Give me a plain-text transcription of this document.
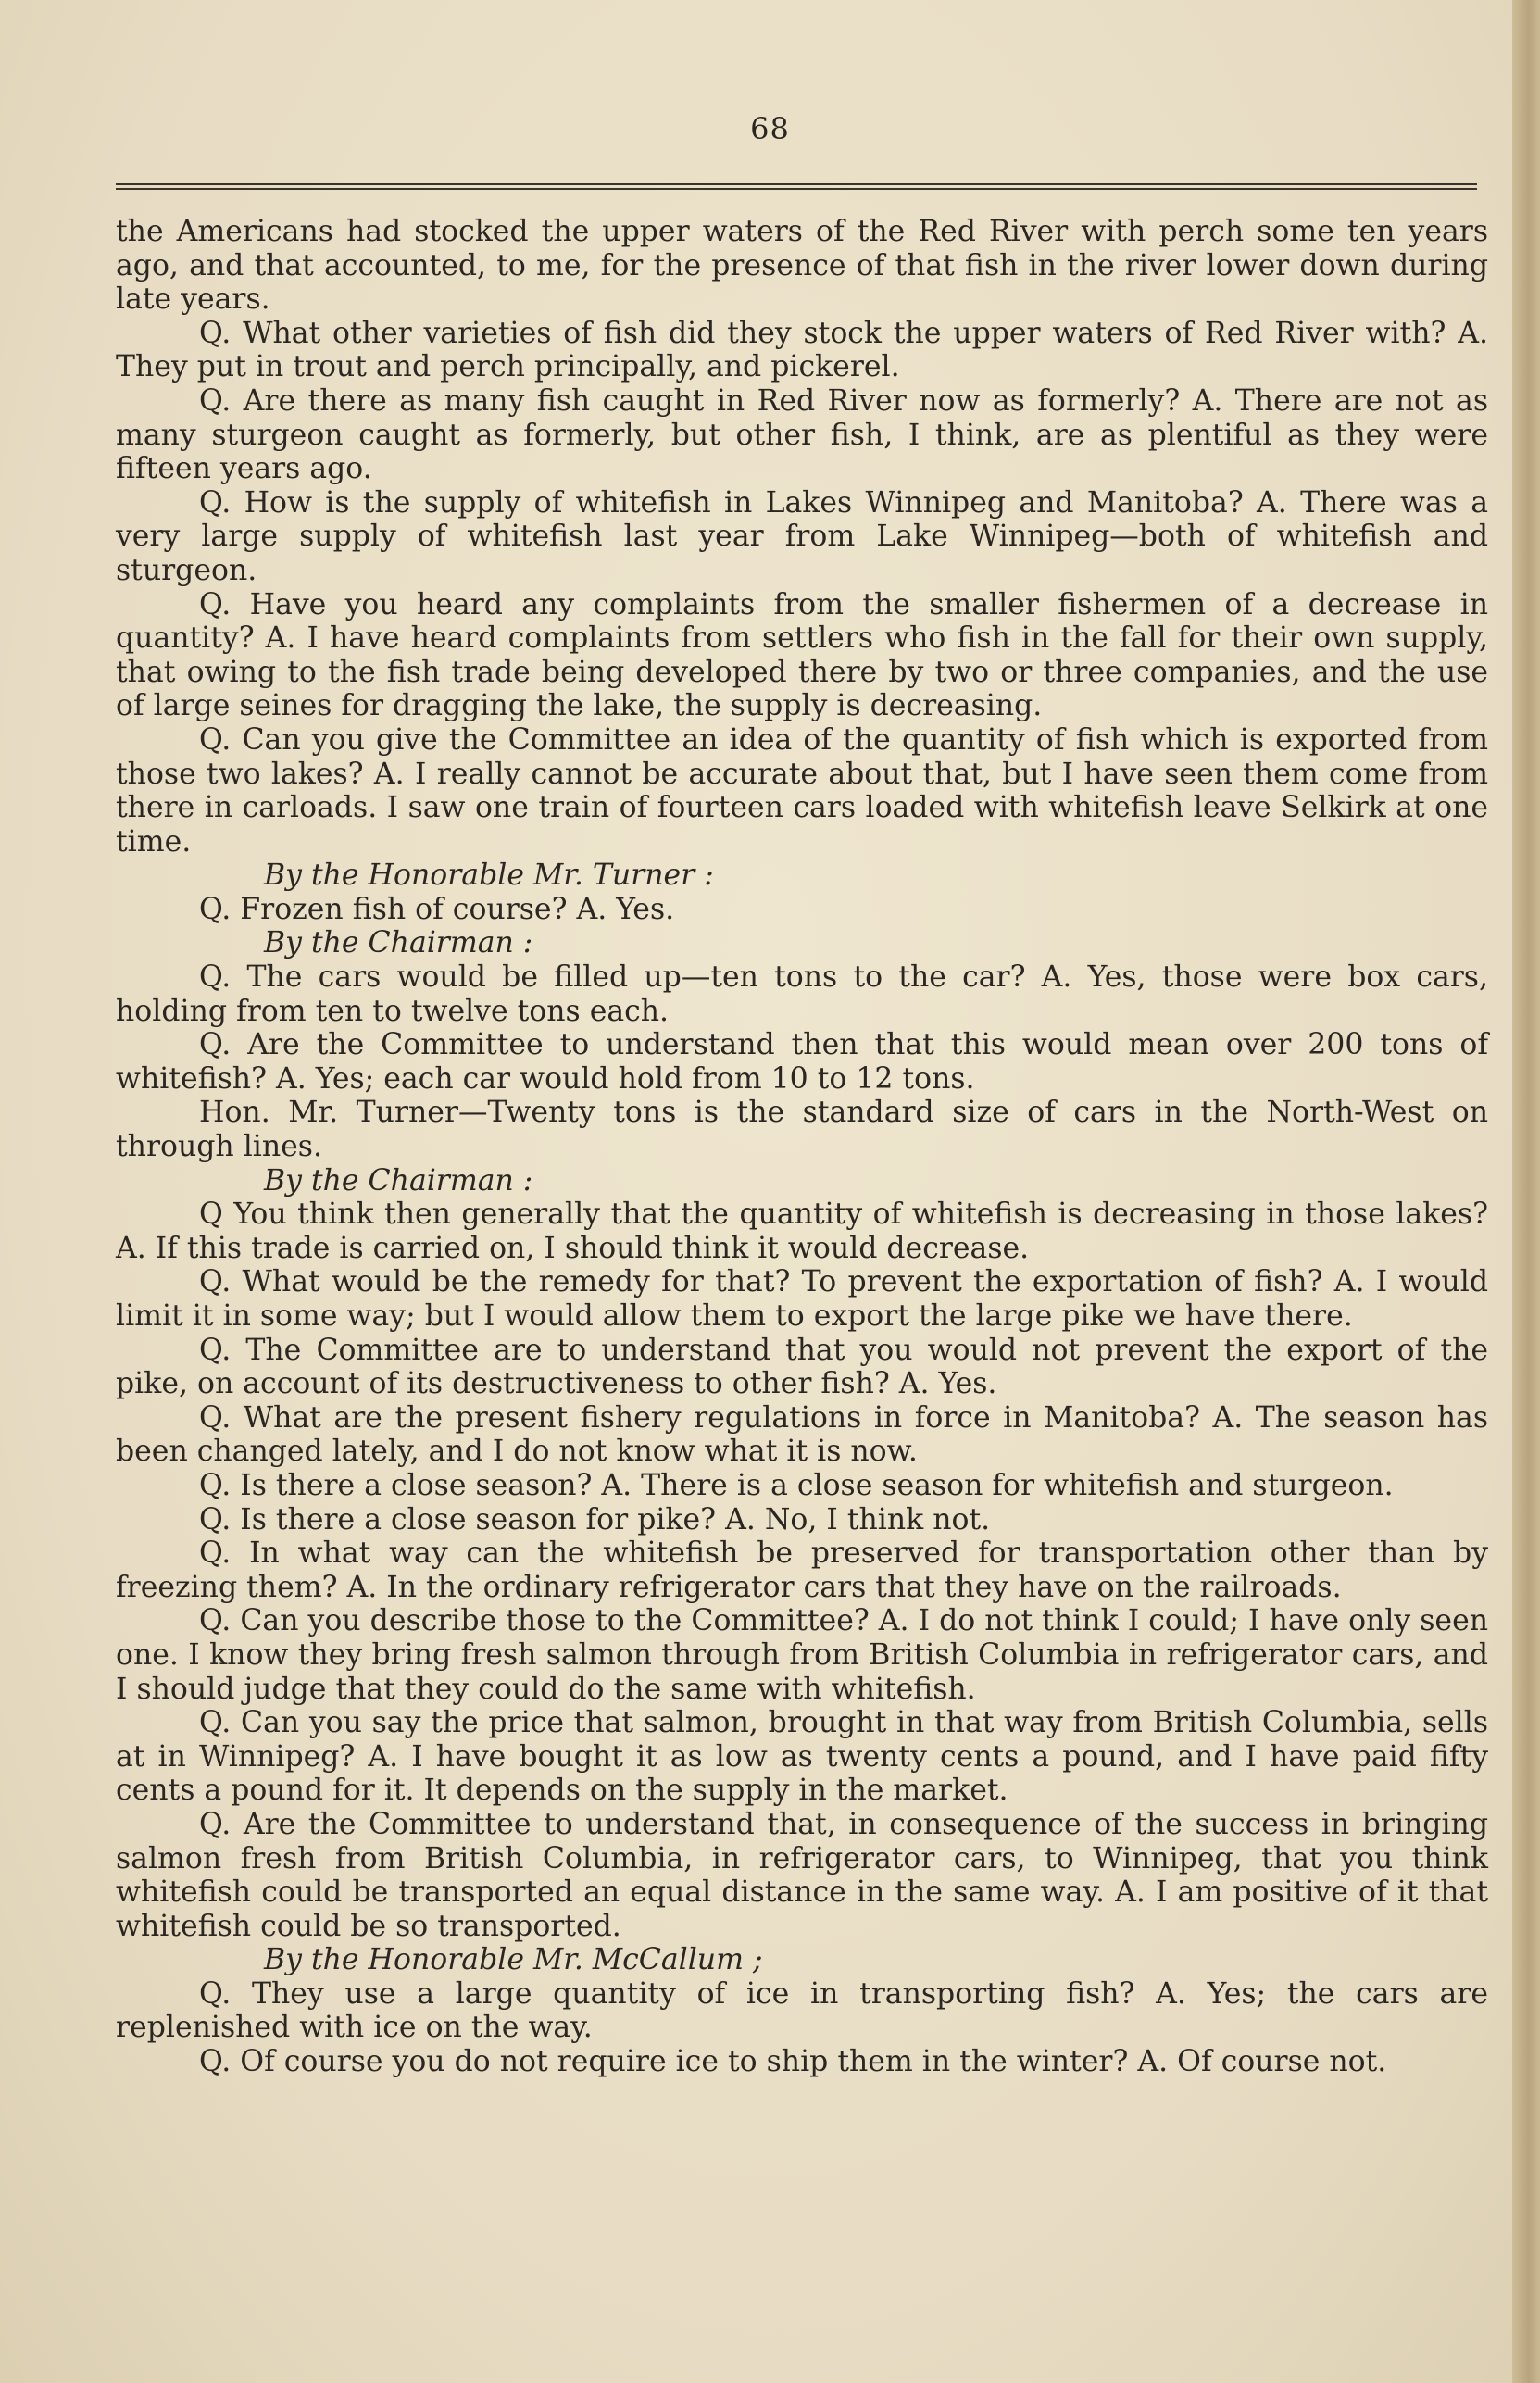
68

the Americans had stocked the upper waters of the Red River with perch some ten years ago, and that accounted, to me, for the presence of that fish in the river lower down during late years.

Q. What other varieties of fish did they stock the upper waters of Red River with? A. They put in trout and perch principally, and pickerel.

Q. Are there as many fish caught in Red River now as formerly? A. There are not as many sturgeon caught as formerly, but other fish, I think, are as plentiful as they were fifteen years ago.

Q. How is the supply of whitefish in Lakes Winnipeg and Manitoba? A. There was a very large supply of whitefish last year from Lake Winnipeg—both of whitefish and sturgeon.

Q. Have you heard any complaints from the smaller fishermen of a decrease in quantity? A. I have heard complaints from settlers who fish in the fall for their own supply, that owing to the fish trade being developed there by two or three companies, and the use of large seines for dragging the lake, the supply is decreasing.

Q. Can you give the Committee an idea of the quantity of fish which is exported from those two lakes? A. I really cannot be accurate about that, but I have seen them come from there in carloads. I saw one train of fourteen cars loaded with whitefish leave Selkirk at one time.

By the Honorable Mr. Turner :

Q. Frozen fish of course? A. Yes.

By the Chairman :

Q. The cars would be filled up—ten tons to the car? A. Yes, those were box cars, holding from ten to twelve tons each.

Q. Are the Committee to understand then that this would mean over 200 tons of whitefish? A. Yes; each car would hold from 10 to 12 tons.

Hon. Mr. Turner—Twenty tons is the standard size of cars in the North-West on through lines.

By the Chairman :

Q You think then generally that the quantity of whitefish is decreasing in those lakes? A. If this trade is carried on, I should think it would decrease.

Q. What would be the remedy for that? To prevent the exportation of fish? A. I would limit it in some way; but I would allow them to export the large pike we have there.

Q. The Committee are to understand that you would not prevent the export of the pike, on account of its destructiveness to other fish? A. Yes.

Q. What are the present fishery regulations in force in Manitoba? A. The season has been changed lately, and I do not know what it is now.

Q. Is there a close season? A. There is a close season for whitefish and sturgeon.

Q. Is there a close season for pike? A. No, I think not.

Q. In what way can the whitefish be preserved for transportation other than by freezing them? A. In the ordinary refrigerator cars that they have on the railroads.

Q. Can you describe those to the Committee? A. I do not think I could; I have only seen one. I know they bring fresh salmon through from British Columbia in refrigerator cars, and I should judge that they could do the same with whitefish.

Q. Can you say the price that salmon, brought in that way from British Columbia, sells at in Winnipeg? A. I have bought it as low as twenty cents a pound, and I have paid fifty cents a pound for it. It depends on the supply in the market.

Q. Are the Committee to understand that, in consequence of the success in bringing salmon fresh from British Columbia, in refrigerator cars, to Winnipeg, that you think whitefish could be transported an equal distance in the same way. A. I am positive of it that whitefish could be so transported.

By the Honorable Mr. McCallum ;

Q. They use a large quantity of ice in transporting fish? A. Yes; the cars are replenished with ice on the way.

Q. Of course you do not require ice to ship them in the winter? A. Of course not.
